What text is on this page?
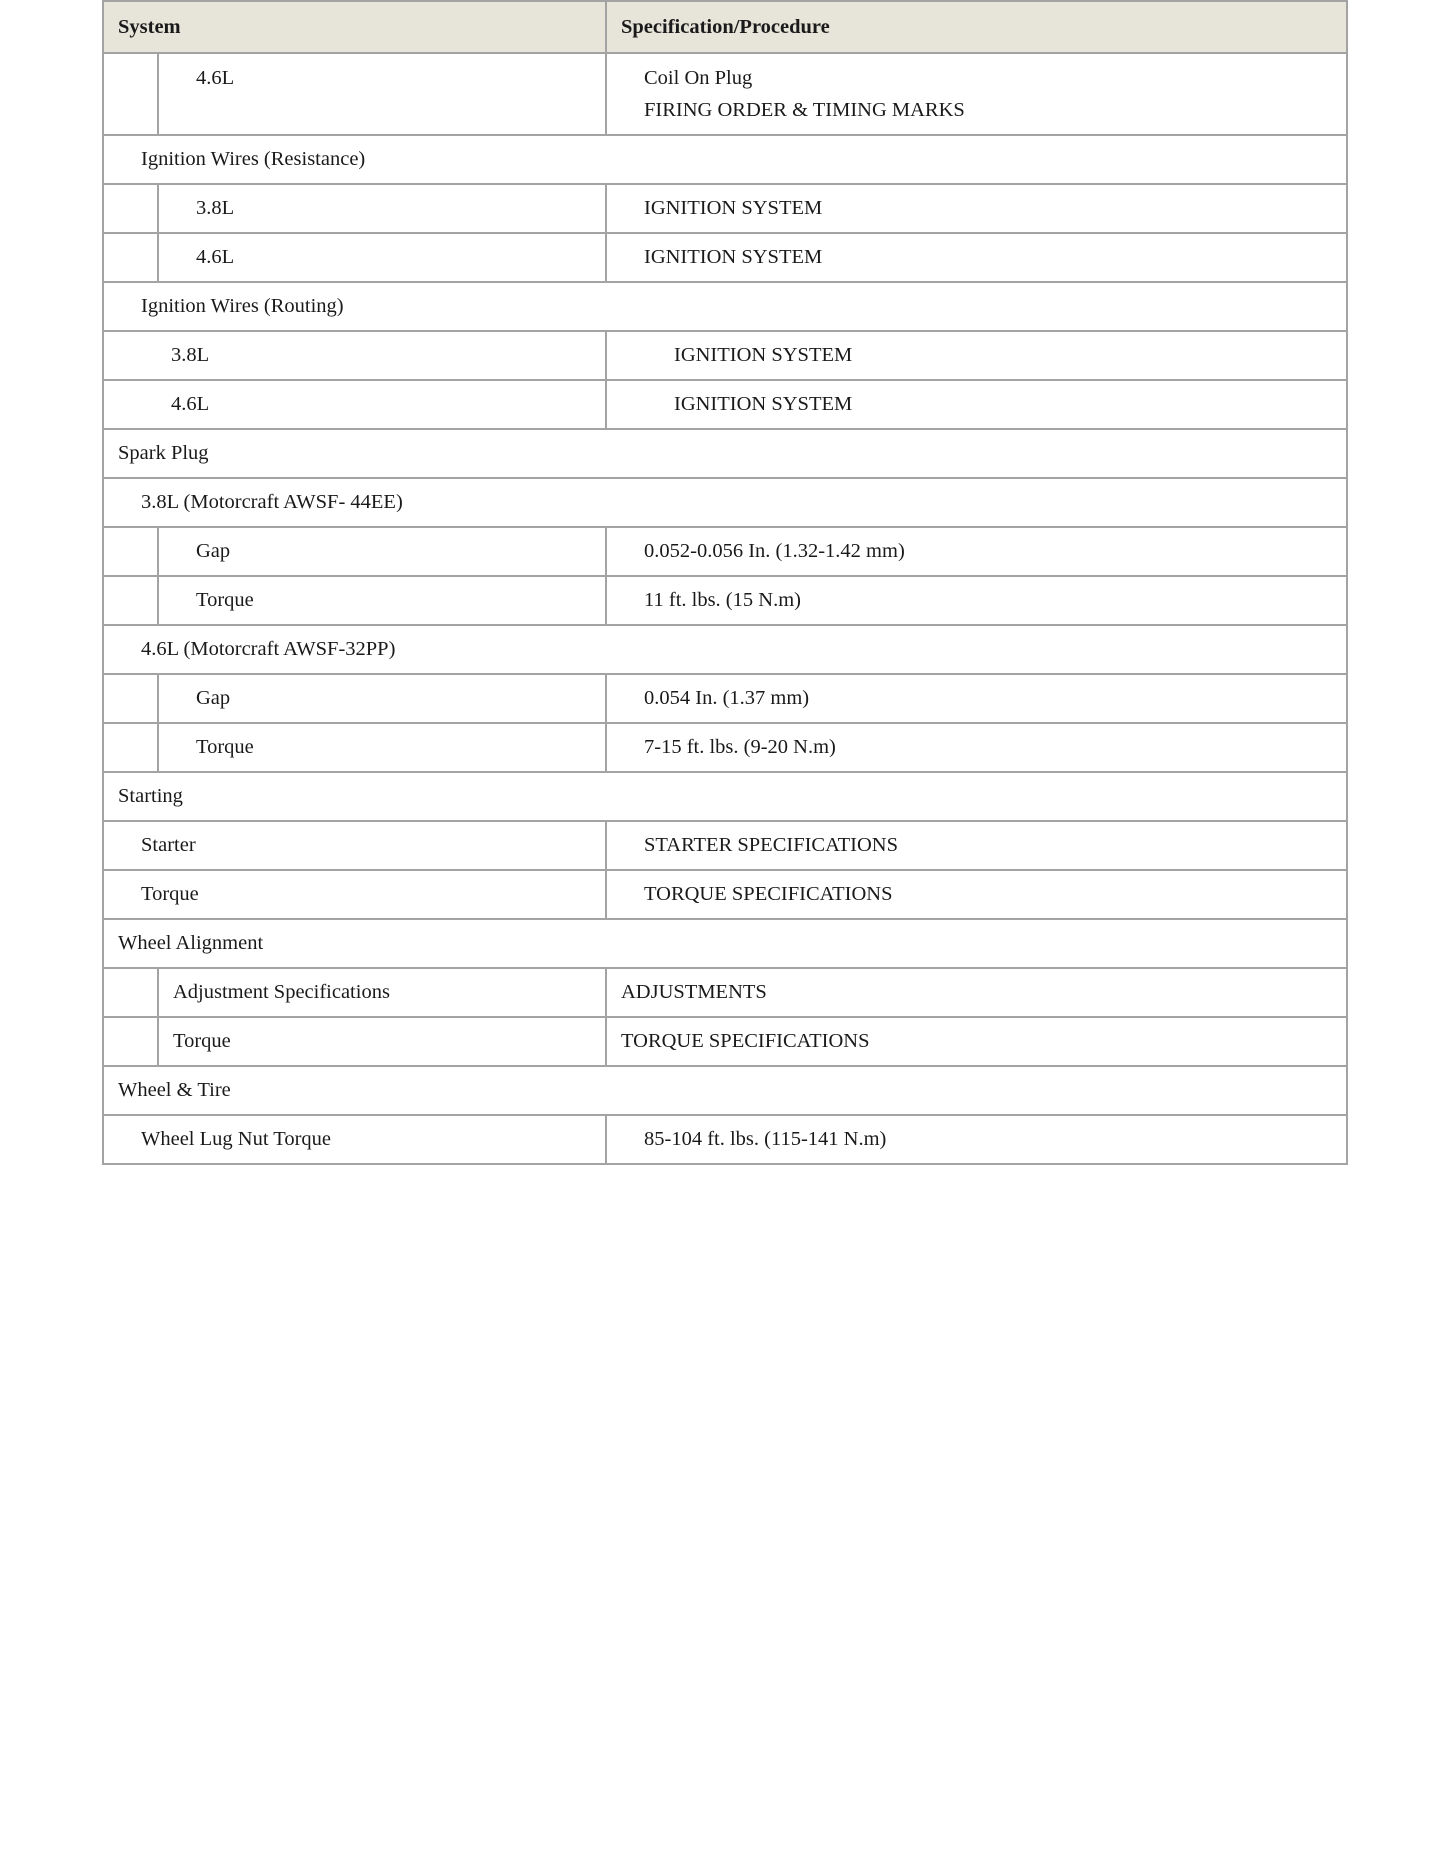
System	Specification/Procedure
4.6L	Coil On Plug
FIRING ORDER & TIMING MARKS
Ignition Wires (Resistance)
3.8L	IGNITION SYSTEM
4.6L	IGNITION SYSTEM
Ignition Wires (Routing)
3.8L	IGNITION SYSTEM
4.6L	IGNITION SYSTEM
Spark Plug
3.8L (Motorcraft AWSF- 44EE)
Gap	0.052-0.056 In. (1.32-1.42 mm)
Torque	11 ft. lbs. (15 N.m)
4.6L (Motorcraft AWSF-32PP)
Gap	0.054 In. (1.37 mm)
Torque	7-15 ft. lbs. (9-20 N.m)
Starting
Starter	STARTER SPECIFICATIONS
Torque	TORQUE SPECIFICATIONS
Wheel Alignment
Adjustment Specifications	ADJUSTMENTS
Torque	TORQUE SPECIFICATIONS
Wheel & Tire
Wheel Lug Nut Torque	85-104 ft. lbs. (115-141 N.m)
